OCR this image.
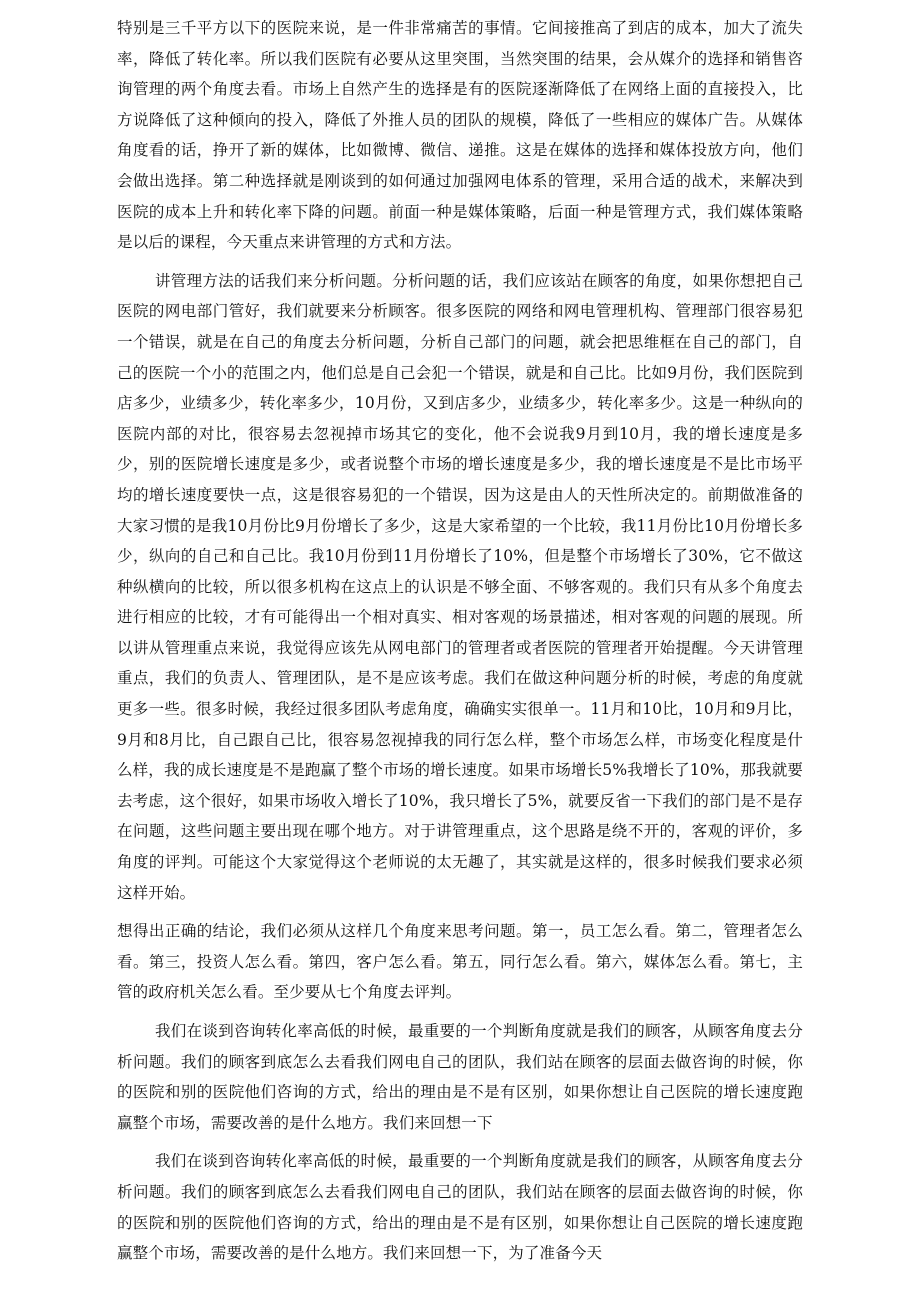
特别是三千平方以下的医院来说，是一件非常痛苦的事情。它间接推高了到店的成本，加大了流失率，降低了转化率。所以我们医院有必要从这里突围，当然突围的结果，会从媒介的选择和销售咨询管理的两个角度去看。市场上自然产生的选择是有的医院逐渐降低了在网络上面的直接投入，比方说降低了这种倾向的投入，降低了外推人员的团队的规模，降低了一些相应的媒体广告。从媒体角度看的话，挣开了新的媒体，比如微博、微信、递推。这是在媒体的选择和媒体投放方向，他们会做出选择。第二种选择就是刚谈到的如何通过加强网电体系的管理，采用合适的战术，来解决到医院的成本上升和转化率下降的问题。前面一种是媒体策略，后面一种是管理方式，我们媒体策略是以后的课程，今天重点来讲管理的方式和方法。

讲管理方法的话我们来分析问题。分析问题的话，我们应该站在顾客的角度，如果你想把自己医院的网电部门管好，我们就要来分析顾客。很多医院的网络和网电管理机构、管理部门很容易犯一个错误，就是在自己的角度去分析问题，分析自己部门的问题，就会把思维框在自己的部门，自己的医院一个小的范围之内，他们总是自己会犯一个错误，就是和自己比。比如9月份，我们医院到店多少，业绩多少，转化率多少，10月份，又到店多少，业绩多少，转化率多少。这是一种纵向的医院内部的对比，很容易去忽视掉市场其它的变化，他不会说我9月到10月，我的增长速度是多少，别的医院增长速度是多少，或者说整个市场的增长速度是多少，我的增长速度是不是比市场平均的增长速度要快一点，这是很容易犯的一个错误，因为这是由人的天性所决定的。前期做准备的大家习惯的是我10月份比9月份增长了多少，这是大家希望的一个比较，我11月份比10月份增长多少，纵向的自己和自己比。我10月份到11月份增长了10%，但是整个市场增长了30%，它不做这种纵横向的比较，所以很多机构在这点上的认识是不够全面、不够客观的。我们只有从多个角度去进行相应的比较，才有可能得出一个相对真实、相对客观的场景描述，相对客观的问题的展现。所以讲从管理重点来说，我觉得应该先从网电部门的管理者或者医院的管理者开始提醒。今天讲管理重点，我们的负责人、管理团队，是不是应该考虑。我们在做这种问题分析的时候，考虑的角度就更多一些。很多时候，我经过很多团队考虑角度，确确实实很单一。11月和10比，10月和9月比，9月和8月比，自己跟自己比，很容易忽视掉我的同行怎么样，整个市场怎么样，市场变化程度是什么样，我的成长速度是不是跑赢了整个市场的增长速度。如果市场增长5%我增长了10%，那我就要去考虑，这个很好，如果市场收入增长了10%，我只增长了5%，就要反省一下我们的部门是不是存在问题，这些问题主要出现在哪个地方。对于讲管理重点，这个思路是绕不开的，客观的评价，多角度的评判。可能这个大家觉得这个老师说的太无趣了，其实就是这样的，很多时候我们要求必须这样开始。

想得出正确的结论，我们必须从这样几个角度来思考问题。第一，员工怎么看。第二，管理者怎么看。第三，投资人怎么看。第四，客户怎么看。第五，同行怎么看。第六，媒体怎么看。第七，主管的政府机关怎么看。至少要从七个角度去评判。

我们在谈到咨询转化率高低的时候，最重要的一个判断角度就是我们的顾客，从顾客角度去分析问题。我们的顾客到底怎么去看我们网电自己的团队，我们站在顾客的层面去做咨询的时候，你的医院和别的医院他们咨询的方式，给出的理由是不是有区别，如果你想让自己医院的增长速度跑赢整个市场，需要改善的是什么地方。我们来回想一下

我们在谈到咨询转化率高低的时候，最重要的一个判断角度就是我们的顾客，从顾客角度去分析问题。我们的顾客到底怎么去看我们网电自己的团队，我们站在顾客的层面去做咨询的时候，你的医院和别的医院他们咨询的方式，给出的理由是不是有区别，如果你想让自己医院的增长速度跑赢整个市场，需要改善的是什么地方。我们来回想一下，为了准备今天
